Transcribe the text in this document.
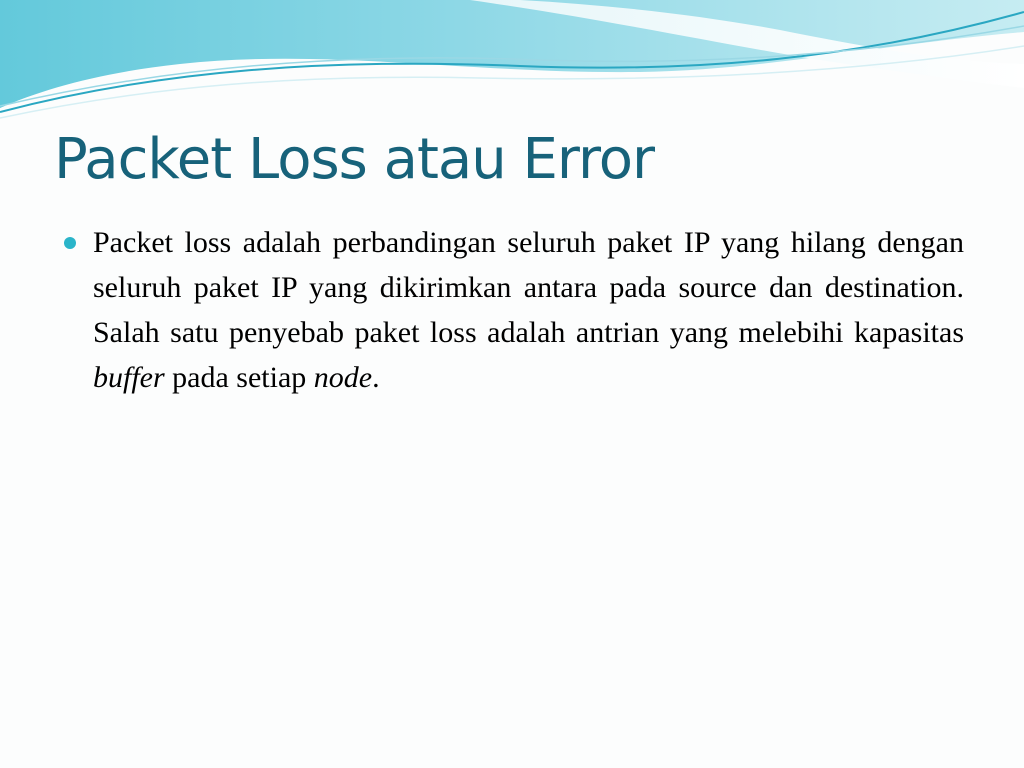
Packet Loss atau Error
Packet loss adalah perbandingan seluruh paket IP yang hilang dengan seluruh paket IP yang dikirimkan antara pada source dan destination. Salah satu penyebab paket loss adalah antrian yang melebihi kapasitas buffer pada setiap node.
